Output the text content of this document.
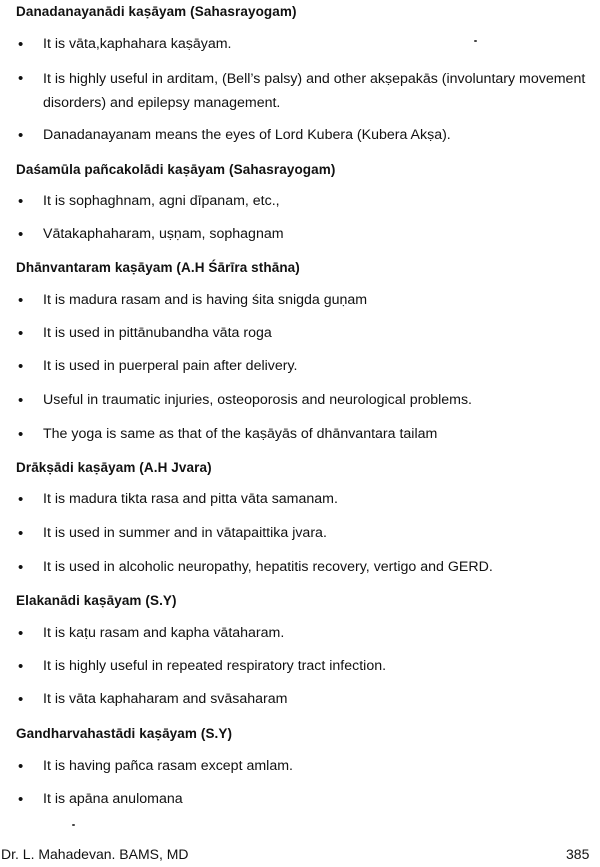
Danadanayanādi kaṣāyam (Sahasrayogam)
• It is vāta,kaphahara kaṣāyam.
• It is highly useful in arditam, (Bell’s palsy) and other akṣepakās (involuntary movement disorders) and epilepsy management.
• Danadanayanam means the eyes of Lord Kubera (Kubera Akṣa).
Daśamūla pañcakolādi kaṣāyam (Sahasrayogam)
• It is sophaghnam, agni dīpanam, etc.,
• Vātakaphaharam, uṣṇam, sophagnam
Dhānvantaram kaṣāyam (A.H Śārīra sthāna)
• It is madura rasam and is having śita snigda guṇam
• It is used in pittānubandha vāta roga
• It is used in puerperal pain after delivery.
• Useful in traumatic injuries, osteoporosis and neurological problems.
• The yoga is same as that of the kaṣāyās of dhānvantara tailam
Drākṣādi kaṣāyam (A.H Jvara)
• It is madura tikta rasa and pitta vāta samanam.
• It is used in summer and in vātapaittika jvara.
• It is used in alcoholic neuropathy, hepatitis recovery, vertigo and GERD.
Elakanādi kaṣāyam (S.Y)
• It is kaṭu rasam and kapha vātaharam.
• It is highly useful in repeated respiratory tract infection.
• It is vāta kaphaharam and svāsaharam
Gandharvahastādi kaṣāyam (S.Y)
• It is having pañca rasam except amlam.
• It is apāna anulomana
Dr. L. Mahadevan. BAMS, MD	385
